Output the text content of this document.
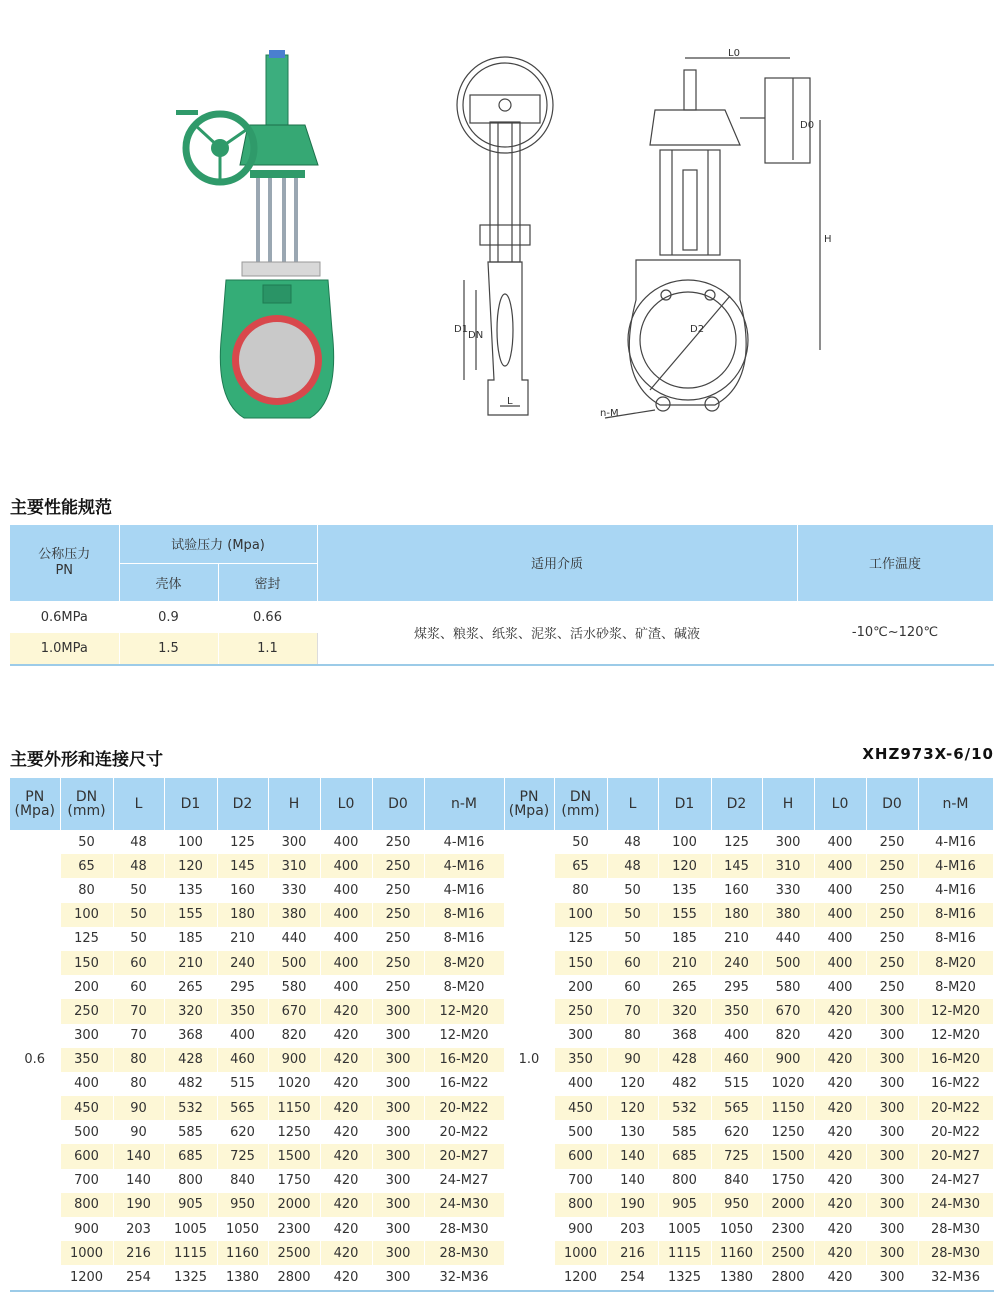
D1
DN
L
L0
D0
H
D2
n-M
主要性能规范
公称压力
PN	试验压力 (Mpa)		适用介质	工作温度
	壳体	密封		
0.6MPa	0.9	0.66	煤浆、粮浆、纸浆、泥浆、活水砂浆、矿渣、碱液	-10℃~120℃
1.0MPa	1.5	1.1		
主要外形和连接尺寸	XHZ973X-6/10
PN
(Mpa)	DN
(mm)	L	D1	D2	H	L0	D0	n-M	PN
(Mpa)	DN
(mm)	L	D1	D2	H	L0	D0	n-M
0.6	50	48	100	125	300	400	250	4-M16	1.0	50	48	100	125	300	400	250	4-M16
	65	48	120	145	310	400	250	4-M16		65	48	120	145	310	400	250	4-M16
	80	50	135	160	330	400	250	4-M16		80	50	135	160	330	400	250	4-M16
	100	50	155	180	380	400	250	8-M16		100	50	155	180	380	400	250	8-M16
	125	50	185	210	440	400	250	8-M16		125	50	185	210	440	400	250	8-M16
	150	60	210	240	500	400	250	8-M20		150	60	210	240	500	400	250	8-M20
	200	60	265	295	580	400	250	8-M20		200	60	265	295	580	400	250	8-M20
	250	70	320	350	670	420	300	12-M20		250	70	320	350	670	420	300	12-M20
	300	70	368	400	820	420	300	12-M20		300	80	368	400	820	420	300	12-M20
	350	80	428	460	900	420	300	16-M20		350	90	428	460	900	420	300	16-M20
	400	80	482	515	1020	420	300	16-M22		400	120	482	515	1020	420	300	16-M22
	450	90	532	565	1150	420	300	20-M22		450	120	532	565	1150	420	300	20-M22
	500	90	585	620	1250	420	300	20-M22		500	130	585	620	1250	420	300	20-M22
	600	140	685	725	1500	420	300	20-M27		600	140	685	725	1500	420	300	20-M27
	700	140	800	840	1750	420	300	24-M27		700	140	800	840	1750	420	300	24-M27
	800	190	905	950	2000	420	300	24-M30		800	190	905	950	2000	420	300	24-M30
	900	203	1005	1050	2300	420	300	28-M30		900	203	1005	1050	2300	420	300	28-M30
	1000	216	1115	1160	2500	420	300	28-M30		1000	216	1115	1160	2500	420	300	28-M30
	1200	254	1325	1380	2800	420	300	32-M36		1200	254	1325	1380	2800	420	300	32-M36
